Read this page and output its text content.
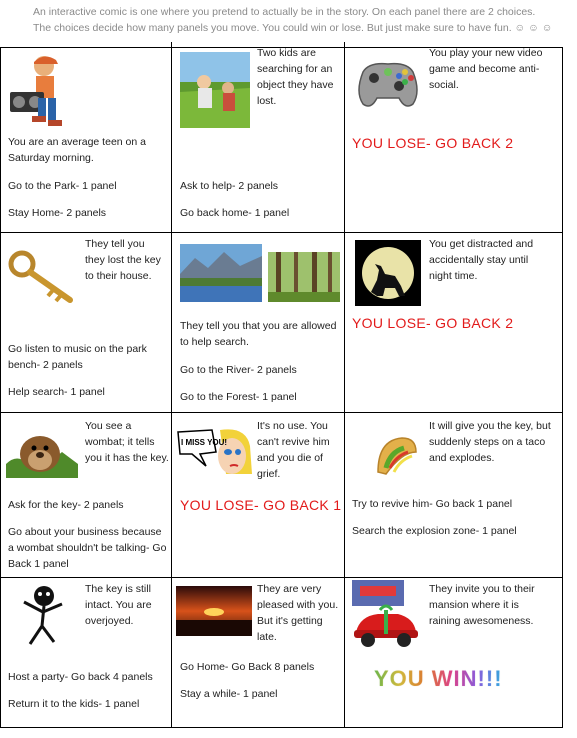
An interactive comic is one where you pretend to actually be in the story. On each panel there are 2 choices. The choices decide how many panels you move. You could win or lose. But just make sure to have fun. ☺ ☺ ☺
You are an average teen on a Saturday morning.
Go to the Park- 1 panel
Stay Home- 2 panels
Two kids are searching for an object they have lost.
Ask to help- 2 panels
Go back home- 1 panel
You play your new video game and become anti-social.
YOU LOSE- GO BACK 2
They tell you they lost the key to their house.
Go listen to music on the park bench- 2 panels
Help search- 1 panel
They tell you that you are allowed to help search.
Go to the River- 2 panels
Go to the Forest- 1 panel
You get distracted and accidentally stay until night time.
YOU LOSE- GO BACK 2
You see a wombat; it tells you it has the key.
Ask for the key- 2 panels
Go about your business because a wombat shouldn't be talking- Go Back 1 panel
I MISS YOU!
It's no use. You can't revive him and you die of grief.
YOU LOSE- GO BACK 1
It will give you the key, but suddenly steps on a taco and explodes.
Try to revive him- Go back 1 panel
Search the explosion zone- 1 panel
The key is still intact. You are overjoyed.
Host a party- Go back 4 panels
Return it to the kids- 1 panel
They are very pleased with you. But it's getting late.
Go Home- Go Back 8 panels
Stay a while- 1 panel
They invite you to their mansion where it is raining awesomeness.
YOU WIN!!!
